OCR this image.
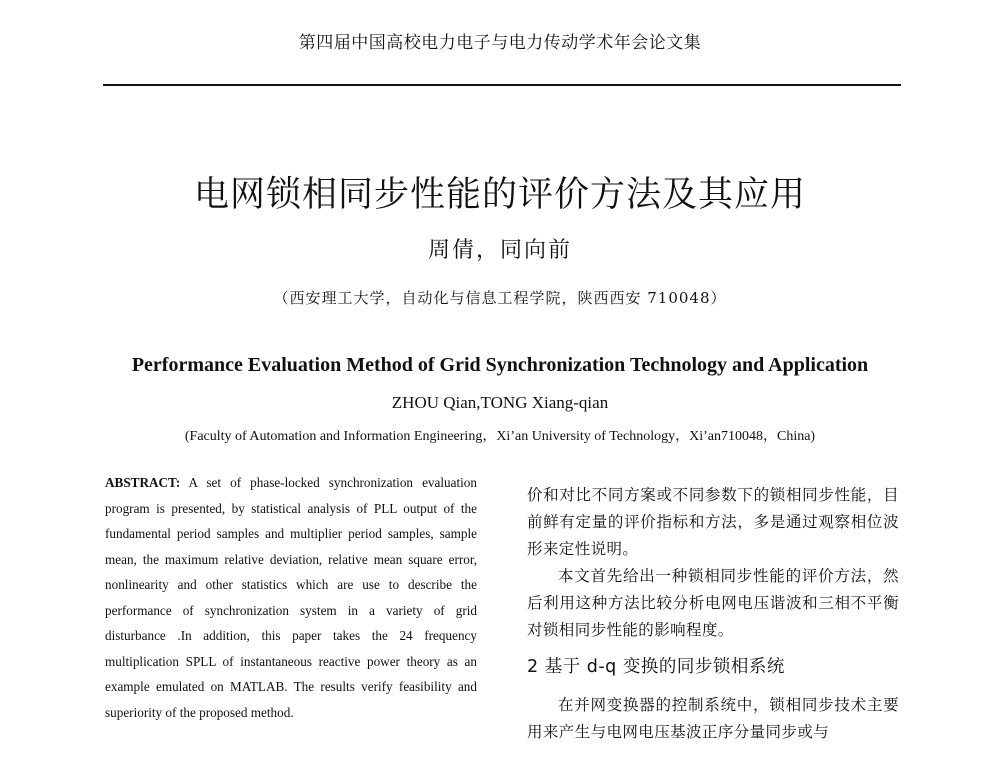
第四届中国高校电力电子与电力传动学术年会论文集
电网锁相同步性能的评价方法及其应用
周倩，同向前
（西安理工大学，自动化与信息工程学院，陕西西安 710048）
Performance Evaluation Method of Grid Synchronization Technology and Application
ZHOU Qian,TONG Xiang-qian
(Faculty of Automation and Information Engineering，Xi’an University of Technology，Xi’an710048，China)

ABSTRACT: A set of phase-locked synchronization evaluation program is presented, by statistical analysis of PLL output of the fundamental period samples and multiplier period samples, sample mean, the maximum relative deviation, relative mean square error, nonlinearity and other statistics which are use to describe the performance of synchronization system in a variety of grid disturbance .In addition, this paper takes the 24 frequency multiplication SPLL of instantaneous reactive power theory as an example emulated on MATLAB. The results verify feasibility and superiority of the proposed method.

价和对比不同方案或不同参数下的锁相同步性能，目前鲜有定量的评价指标和方法，多是通过观察相位波形来定性说明。

本文首先给出一种锁相同步性能的评价方法，然后利用这种方法比较分析电网电压谐波和三相不平衡对锁相同步性能的影响程度。

2 基于 d-q 变换的同步锁相系统

在并网变换器的控制系统中，锁相同步技术主要用来产生与电网电压基波正序分量同步或与
